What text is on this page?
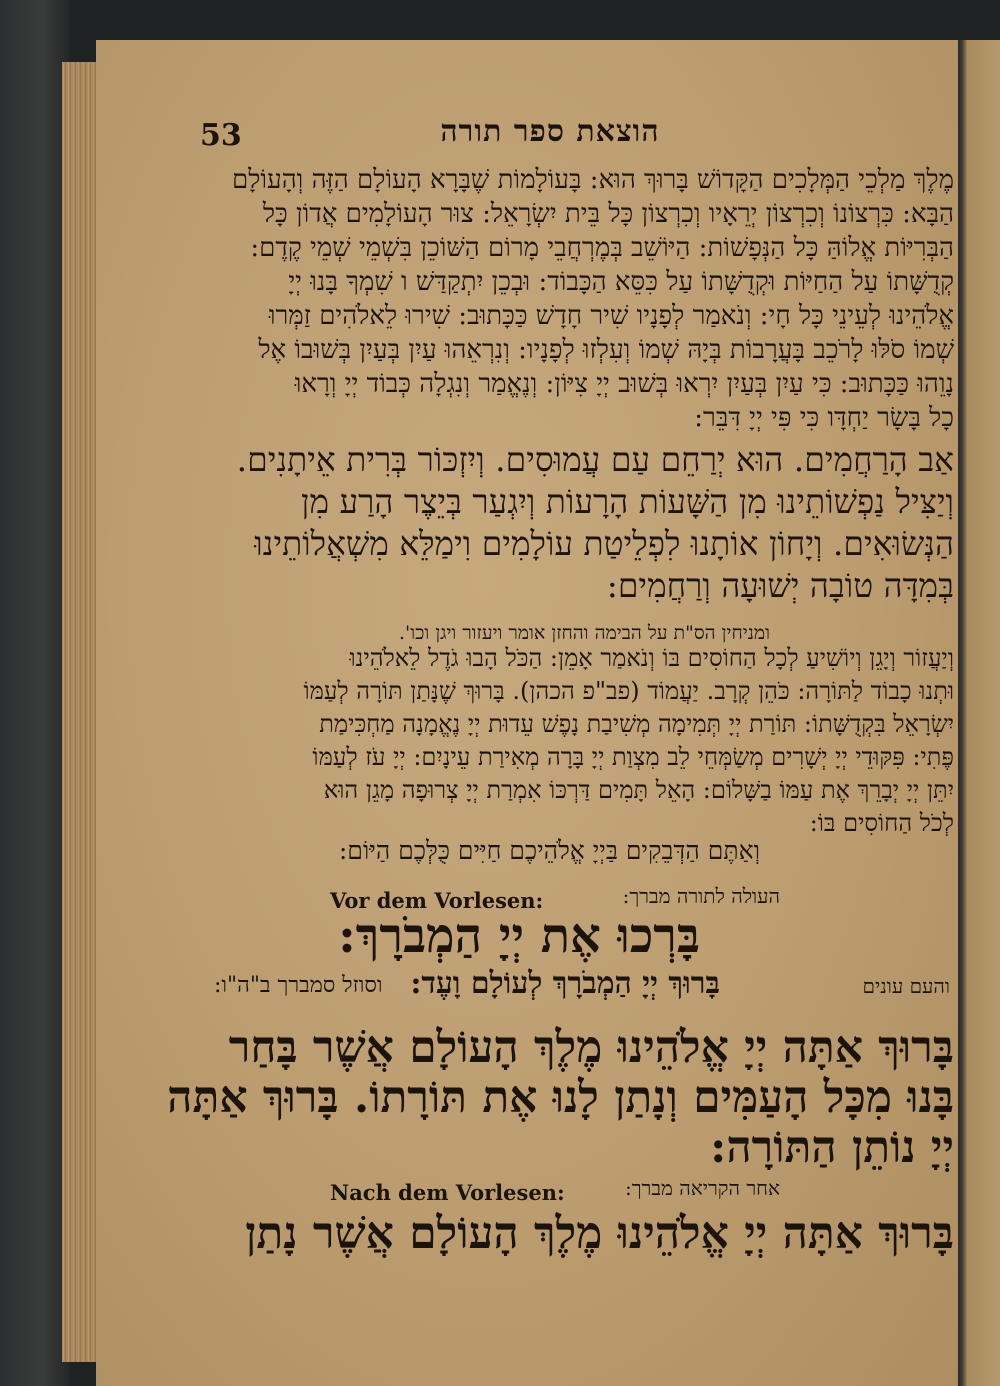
53	הוצאת ספר תורה
מֶלֶךְ מַלְכֵי הַמְּלָכִים הַקָּדוֹשׁ בָּרוּךְ הוּא: בָּעוֹלָמוֹת שֶׁבָּרָא הָעוֹלָם הַזֶּה וְהָעוֹלָם
הַבָּא: כִּרְצוֹנוֹ וְכִרְצוֹן יְרֵאָיו וְכִרְצוֹן כָּל בֵּית יִשְׂרָאֵל: צוּר הָעוֹלָמִים אֲדוֹן כָּל
הַבְּרִיּוֹת אֱלוֹהַּ כָּל הַנְּפָשׁוֹת: הַיּוֹשֵׁב בְּמֶרְחֲבֵי מָרוֹם הַשּׁוֹכֵן בִּשְׁמֵי שְׁמֵי קֶדֶם:
קְדֻשָּׁתוֹ עַל הַחַיּוֹת וּקְדֻשָּׁתוֹ עַל כִּסֵּא הַכָּבוֹד: וּבְכֵן יִתְקַדַּשׁ ו שִׁמְךָ בָּנוּ יְיָ
אֱלֹהֵינוּ לְעֵינֵי כָּל חָי: וְנֹאמַר לְפָנָיו שִׁיר חָדָשׁ כַּכָּתוּב: שִׁירוּ לֵאלֹהִים זַמְּרוּ
שְׁמוֹ סֹלּוּ לָרֹכֵב בָּעֲרָבוֹת בְּיָהּ שְׁמוֹ וְעִלְזוּ לְפָנָיו: וְנִרְאֵהוּ עַיִן בְּעַיִן בְּשׁוּבוֹ אֶל
נָוֵהוּ כַּכָּתוּב: כִּי עַיִן בְּעַיִן יִרְאוּ בְּשׁוּב יְיָ צִיּוֹן: וְנֶאֱמַר וְנִגְלָה כְּבוֹד יְיָ וְרָאוּ
כָל בָּשָׂר יַחְדָּו כִּי פִּי יְיָ דִּבֵּר:
אַב הָרַחֲמִים. הוּא יְרַחֵם עַם עֲמוּסִים. וְיִזְכּוֹר בְּרִית אֵיתָנִים.
וְיַצִּיל נַפְשׁוֹתֵינוּ מִן הַשָּׁעוֹת הָרָעוֹת וְיִגְעַר בְּיֵצֶר הָרַע מִן
הַנְּשׂוּאִים. וְיָחוֹן אוֹתָנוּ לִפְלֵיטַת עוֹלָמִים וִימַלֵּא מִשְׁאֲלוֹתֵינוּ
בְּמִדָּה טוֹבָה יְשׁוּעָה וְרַחֲמִים:
ומניחין הס"ת על הבימה והחזן אומר ויעזור ויגן וכו'.
וְיַעֲזוֹר וְיָגֵן וְיוֹשִׁיעַ לְכָל הַחוֹסִים בּוֹ וְנֹאמַר אָמֵן: הַכֹּל הָבוּ גֹדֶל לֵאלֹהֵינוּ
וּתְנוּ כָבוֹד לַתּוֹרָה: כֹּהֵן קְרָב. יַעֲמוֹד (פב"פ הכהן). בָּרוּךְ שֶׁנָּתַן תּוֹרָה לְעַמּוֹ
יִשְׂרָאֵל בִּקְדֻשָּׁתוֹ: תּוֹרַת יְיָ תְּמִימָה מְשִׁיבַת נָפֶשׁ עֵדוּת יְיָ נֶאֱמָנָה מַחְכִּימַת
פֶּתִי: פִּקּוּדֵי יְיָ יְשָׁרִים מְשַׂמְּחֵי לֵב מִצְוַת יְיָ בָּרָה מְאִירַת עֵינָיִם: יְיָ עֹז לְעַמּוֹ
יִתֵּן יְיָ יְבָרֵךְ אֶת עַמּוֹ בַשָּׁלוֹם: הָאֵל תָּמִים דַּרְכּוֹ אִמְרַת יְיָ צְרוּפָה מָגֵן הוּא
לְכֹל הַחוֹסִים בּוֹ:
וְאַתֶּם הַדְּבֵקִים בַּיְיָ אֱלֹהֵיכֶם חַיִּים כֻּלְּכֶם הַיּוֹם:
Vor dem Vorlesen:	העולה לתורה מברך:
בָּרְכוּ אֶת יְיָ הַמְבֹרָךְ:
וסוזל סמברך ב"ה"ו: בָּרוּךְ יְיָ הַמְבֹרָךְ לְעוֹלָם וָעֶד:	והעם עונים
בָּרוּךְ אַתָּה יְיָ אֱלֹהֵינוּ מֶלֶךְ הָעוֹלָם אֲשֶׁר בָּחַר
בָּנוּ מִכָּל הָעַמִּים וְנָתַן לָנוּ אֶת תּוֹרָתוֹ. בָּרוּךְ אַתָּה
יְיָ נוֹתֵן הַתּוֹרָה:
Nach dem Vorlesen:	אחר הקריאה מברך:
בָּרוּךְ אַתָּה יְיָ אֱלֹהֵינוּ מֶלֶךְ הָעוֹלָם אֲשֶׁר נָתַן
